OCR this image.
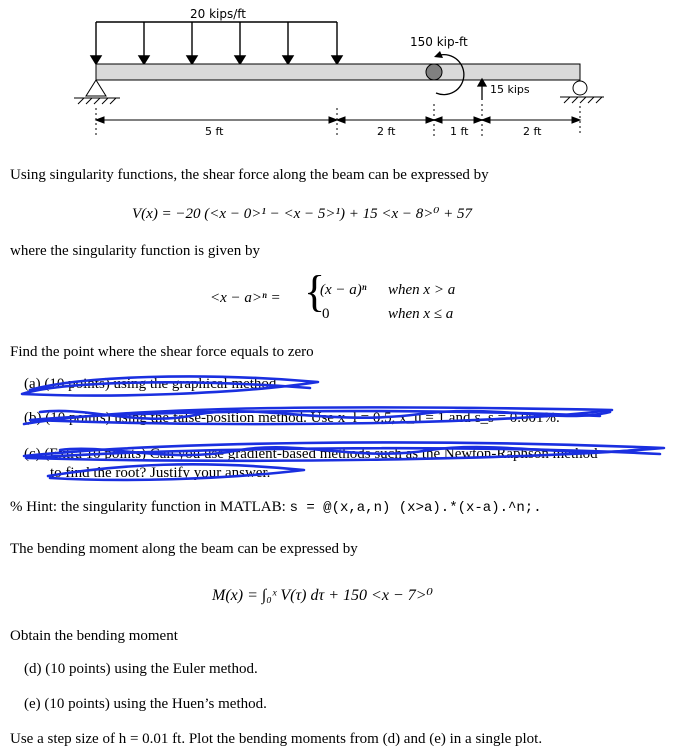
20 kips/ft
150 kip-ft
15 kips
5 ft	2 ft	1 ft	2 ft
Using singularity functions, the shear force along the beam can be expressed by
V(x) = −20 (<x − 0>¹ − <x − 5>¹) + 15 <x − 8>⁰ + 57
where the singularity function is given by
<x − a>ⁿ = {
(x − a)ⁿ when x > a
0	when x ≤ a
Find the point where the shear force equals to zero
(a) (10 points) using the graphical method.
(b) (10 points) using the false-position method. Use x_l = 0.5, x_u = 1 and ε_s = 0.001%.
(c) (Extra 10 points) Can you use gradient-based methods such as the Newton-Raphson method
to find the root? Justify your answer.
% Hint: the singularity function in MATLAB: s = @(x,a,n) (x>a).*(x-a).^n;.
The bending moment along the beam can be expressed by
M(x) = ∫₀ˣ V(τ) dτ + 150 <x − 7>⁰
Obtain the bending moment
(d) (10 points) using the Euler method.
(e) (10 points) using the Huen’s method.
Use a step size of h = 0.01 ft. Plot the bending moments from (d) and (e) in a single plot.
